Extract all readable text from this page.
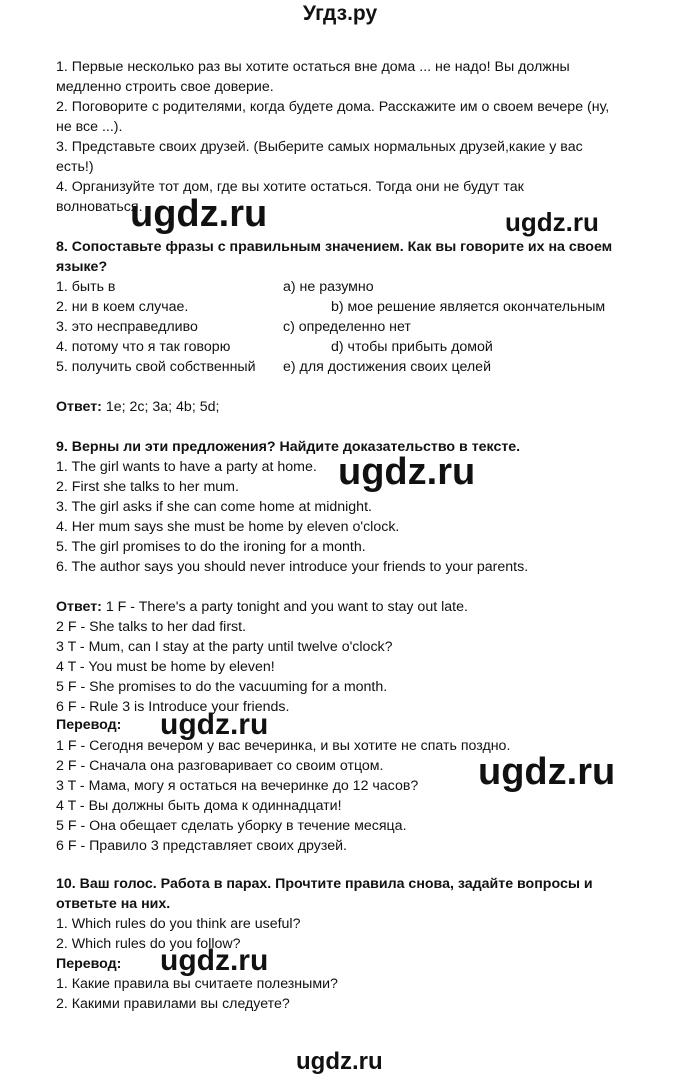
Угдз.ру
1. Первые несколько раз вы хотите остаться вне дома ... не надо! Вы должны
медленно строить свое доверие.
2. Поговорите с родителями, когда будете дома. Расскажите им о своем вечере (ну,
не все ...).
3. Представьте своих друзей. (Выберите самых нормальных друзей,какие у вас
есть!)
4. Организуйте тот дом, где вы хотите остаться. Тогда они не будут так
волноваться.
8. Сопоставьте фразы с правильным значением. Как вы говорите их на своем
языке?
1. быть в
2. ни в коем случае.
3. это несправедливо
4. потому что я так говорю
5. получить свой собственный
a) не разумно
b) мое решение является окончательным
c) определенно нет
d) чтобы прибыть домой
e) для достижения своих целей
Ответ: 1e; 2c; 3a; 4b; 5d;
9. Верны ли эти предложения? Найдите доказательство в тексте.
1. The girl wants to have a party at home.
2. First she talks to her mum.
3. The girl asks if she can come home at midnight.
4. Her mum says she must be home by eleven o'clock.
5. The girl promises to do the ironing for a month.
6. The author says you should never introduce your friends to your parents.
Ответ: 1 F - There's a party tonight and you want to stay out late.
2 F - She talks to her dad first.
3 T - Mum, can I stay at the party until twelve o'clock?
4 T - You must be home by eleven!
5 F - She promises to do the vacuuming for a month.
6 F - Rule 3 is Introduce your friends.
Перевод:
1 F - Сегодня вечером у вас вечеринка, и вы хотите не спать поздно.
2 F - Сначала она разговаривает со своим отцом.
3 T - Мама, могу я остаться на вечеринке до 12 часов?
4 T - Вы должны быть дома к одиннадцати!
5 F - Она обещает сделать уборку в течение месяца.
6 F - Правило 3 представляет своих друзей.
10. Ваш голос. Работа в парах. Прочтите правила снова, задайте вопросы и
ответьте на них.
1. Which rules do you think are useful?
2. Which rules do you follow?
Перевод:
1. Какие правила вы считаете полезными?
2. Какими правилами вы следуете?
ugdz.ru	ugdz.ru
ugdz.ru
ugdz.ru
ugdz.ru
ugdz.ru
ugdz.ru
